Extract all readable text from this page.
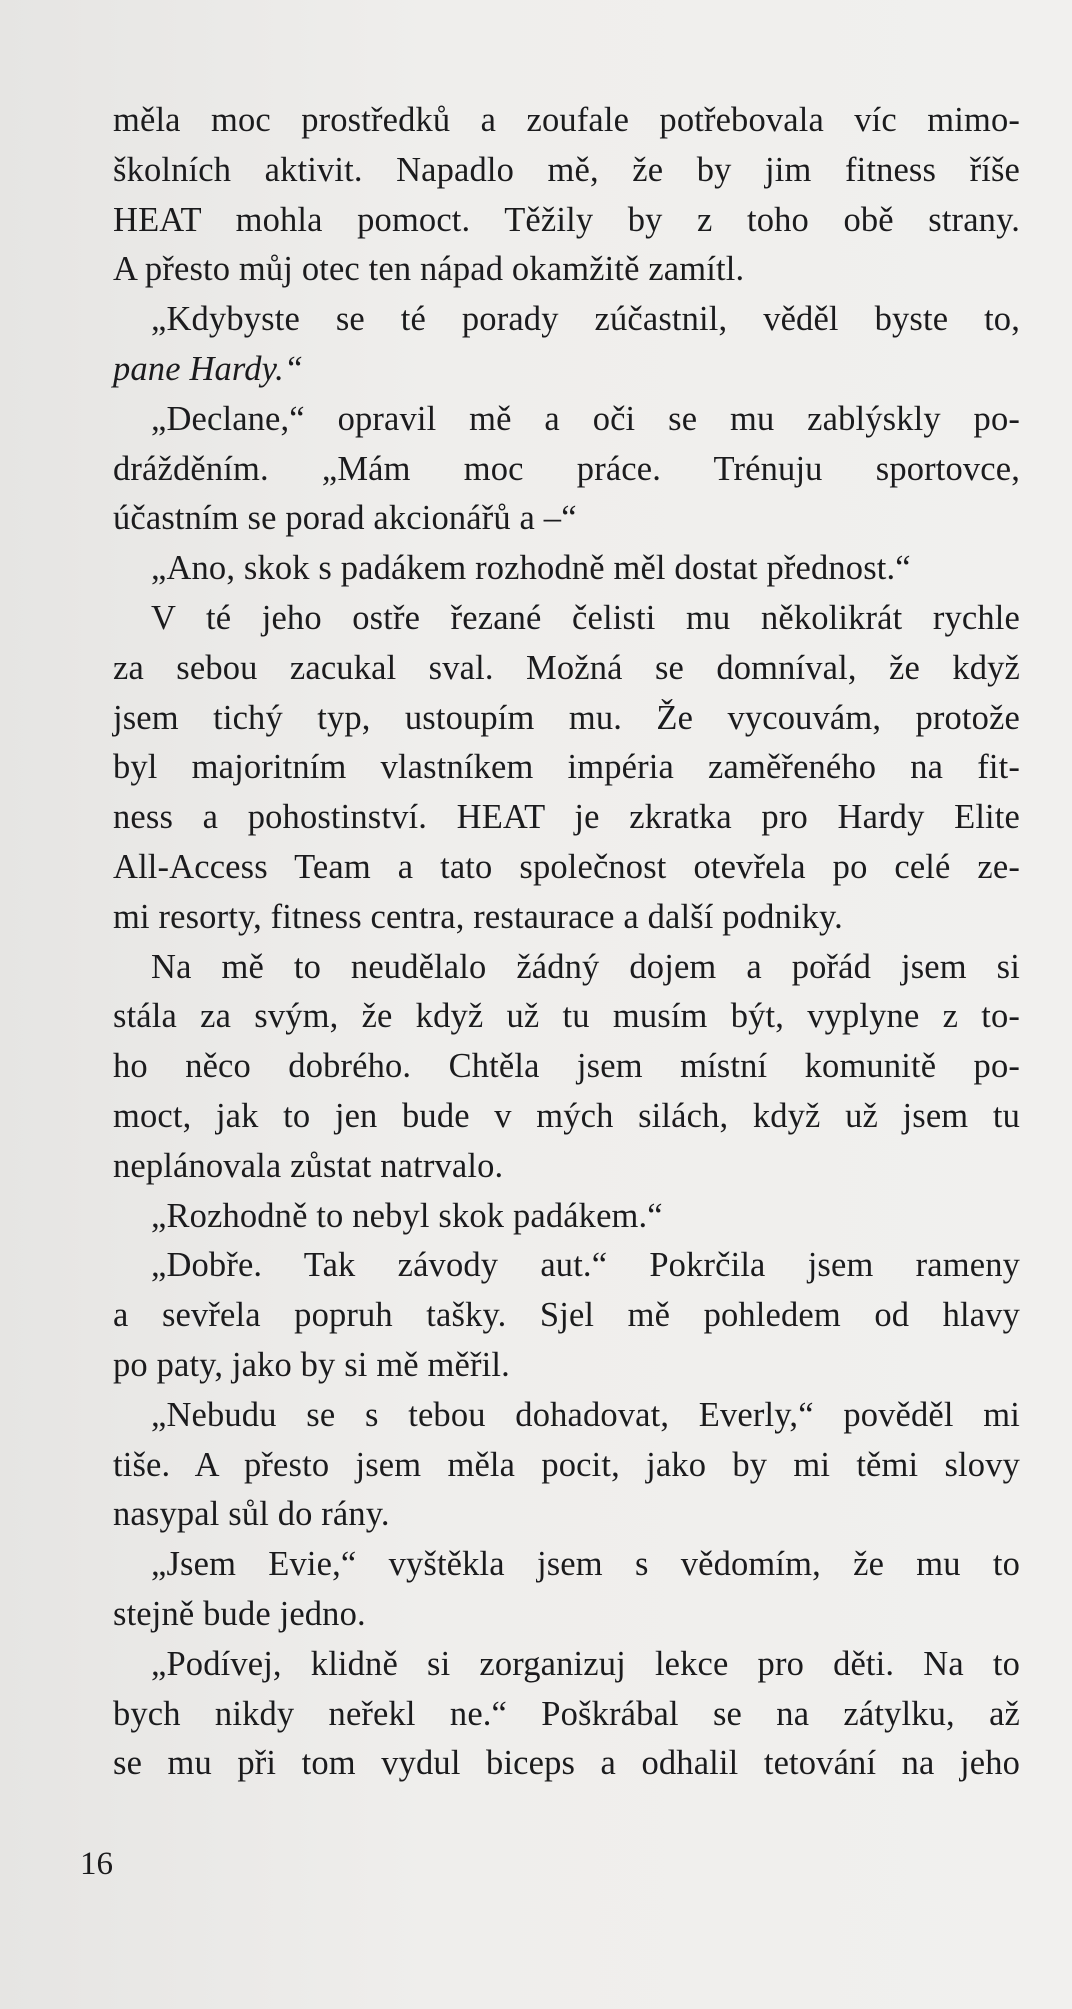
měla moc prostředků a zoufale potřebovala víc mimo-
školních aktivit. Napadlo mě, že by jim fitness říše
HEAT mohla pomoct. Těžily by z toho obě strany.
A přesto můj otec ten nápad okamžitě zamítl.
„Kdybyste se té porady zúčastnil, věděl byste to,
pane Hardy.“
„Declane,“ opravil mě a oči se mu zablýskly po-
drážděním. „Mám moc práce. Trénuju sportovce,
účastním se porad akcionářů a –“
„Ano, skok s padákem rozhodně měl dostat přednost.“
V té jeho ostře řezané čelisti mu několikrát rychle
za sebou zacukal sval. Možná se domníval, že když
jsem tichý typ, ustoupím mu. Že vycouvám, protože
byl majoritním vlastníkem impéria zaměřeného na fit-
ness a pohostinství. HEAT je zkratka pro Hardy Elite
All-Access Team a tato společnost otevřela po celé ze-
mi resorty, fitness centra, restaurace a další podniky.
Na mě to neudělalo žádný dojem a pořád jsem si
stála za svým, že když už tu musím být, vyplyne z to-
ho něco dobrého. Chtěla jsem místní komunitě po-
moct, jak to jen bude v mých silách, když už jsem tu
neplánovala zůstat natrvalo.
„Rozhodně to nebyl skok padákem.“
„Dobře. Tak závody aut.“ Pokrčila jsem rameny
a sevřela popruh tašky. Sjel mě pohledem od hlavy
po paty, jako by si mě měřil.
„Nebudu se s tebou dohadovat, Everly,“ pověděl mi
tiše. A přesto jsem měla pocit, jako by mi těmi slovy
nasypal sůl do rány.
„Jsem Evie,“ vyštěkla jsem s vědomím, že mu to
stejně bude jedno.
„Podívej, klidně si zorganizuj lekce pro děti. Na to
bych nikdy neřekl ne.“ Poškrábal se na zátylku, až
se mu při tom vydul biceps a odhalil tetování na jeho
16
